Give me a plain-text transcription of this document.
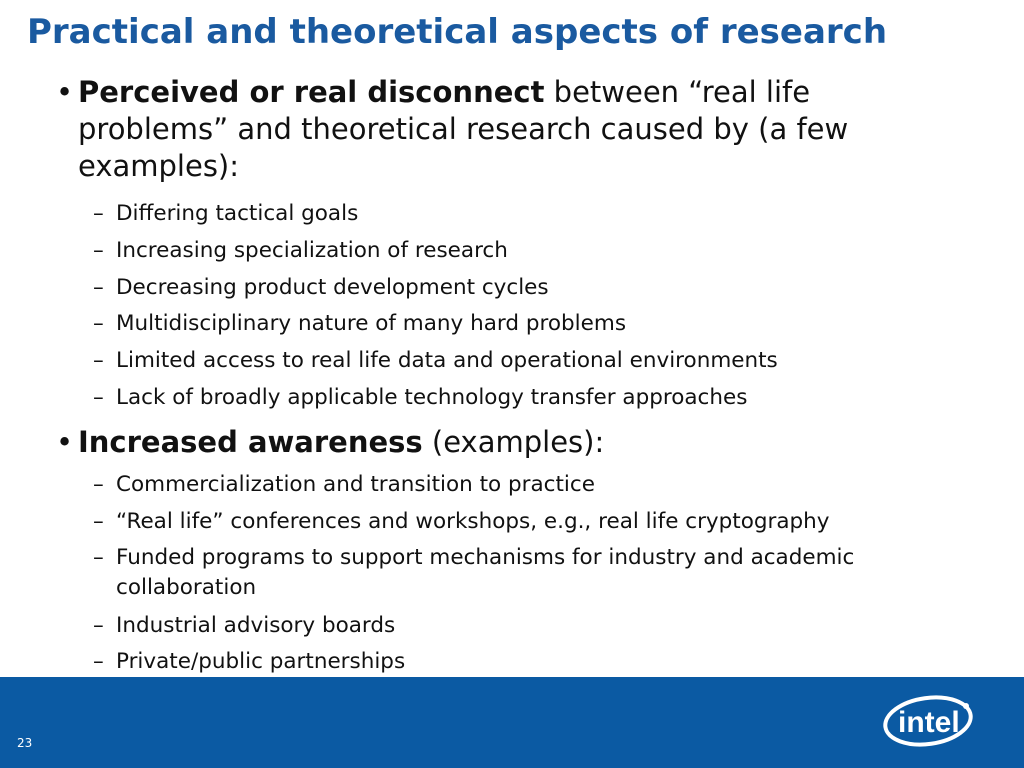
Practical and theoretical aspects of research
• Perceived or real disconnect between “real life problems” and theoretical research caused by (a few examples):
– Differing tactical goals
– Increasing specialization of research
– Decreasing product development cycles
– Multidisciplinary nature of many hard problems
– Limited access to real life data and operational environments
– Lack of broadly applicable technology transfer approaches
• Increased awareness (examples):
– Commercialization and transition to practice
– “Real life” conferences and workshops, e.g., real life cryptography
– Funded programs to support mechanisms for industry and academic collaboration
– Industrial advisory boards
– Private/public partnerships
23
intel
